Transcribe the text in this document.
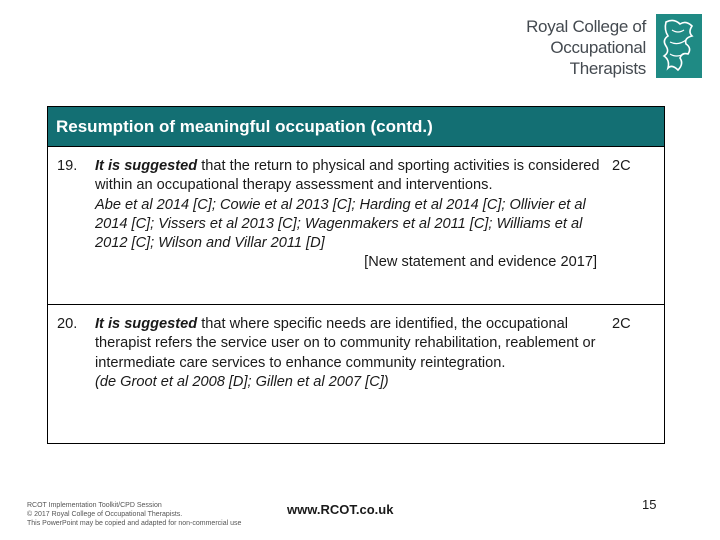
Royal College of
Occupational
Therapists
Resumption of meaningful occupation (contd.)
19. It is suggested that the return to physical and sporting activities is considered within an occupational therapy assessment and interventions.
Abe et al 2014 [C]; Cowie et al 2013 [C]; Harding et al 2014 [C]; Ollivier et al 2014 [C]; Vissers et al 2013 [C]; Wagenmakers et al 2011 [C]; Williams et al 2012 [C]; Wilson and Villar 2011 [D]
[New statement and evidence 2017]
2C
20. It is suggested that where specific needs are identified, the occupational therapist refers the service user on to community rehabilitation, reablement or intermediate care services to enhance community reintegration.
(de Groot et al 2008 [D]; Gillen et al 2007 [C])
2C
RCOT Implementation Toolkit/CPD Session
© 2017 Royal College of Occupational Therapists.
This PowerPoint may be copied and adapted for non-commercial use
www.RCOT.co.uk	15
